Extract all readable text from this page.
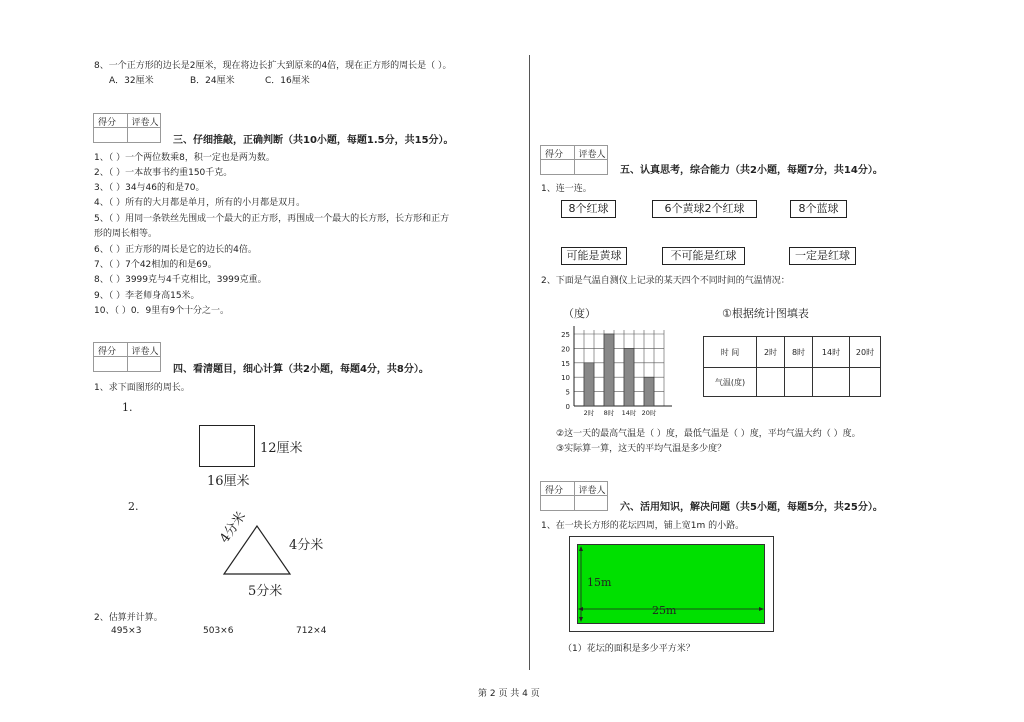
8、一个正方形的边长是2厘米，现在将边长扩大到原来的4倍，现在正方形的周长是（ ）。
A．32厘米	B．24厘米	C．16厘米
得分 评卷人
三、仔细推敲，正确判断（共10小题，每题1.5分，共15分）。
1、（ ）一个两位数乘8，积一定也是两为数。
2、（ ）一本故事书约重150千克。
3、（ ）34与46的和是70。
4、（ ）所有的大月都是单月，所有的小月都是双月。
5、（ ）用同一条铁丝先围成一个最大的正方形，再围成一个最大的长方形，长方形和正方
形的周长相等。
6、（ ）正方形的周长是它的边长的4倍。
7、（ ）7个42相加的和是69。
8、（ ）3999克与4千克相比，3999克重。
9、（ ）李老师身高15米。
10、（ ）0．9里有9个十分之一。
得分 评卷人
四、看清题目，细心计算（共2小题，每题4分，共8分）。
1、求下面图形的周长。
1.
12厘米
16厘米
2.
4分米	4分米
5分米
2、估算并计算。
495×3	503×6	712×4
得分 评卷人
五、认真思考，综合能力（共2小题，每题7分，共14分）。
1、连一连。
8个红球	6个黄球2个红球	8个蓝球
可能是黄球	不可能是红球	一定是红球
2、下面是气温自测仪上记录的某天四个不同时间的气温情况：
（度）
0
5
10
15
20
25
2时 8时 14时 20时
①根据统计图填表
时 间	2时	8时	14时	20时
气温(度)				
②这一天的最高气温是（ ）度，最低气温是（ ）度，平均气温大约（ ）度。
③实际算一算，这天的平均气温是多少度？
得分 评卷人
六、活用知识，解决问题（共5小题，每题5分，共25分）。
1、在一块长方形的花坛四周，铺上宽1m 的小路。
15m
25m
（1）花坛的面积是多少平方米？
第 2 页 共 4 页
